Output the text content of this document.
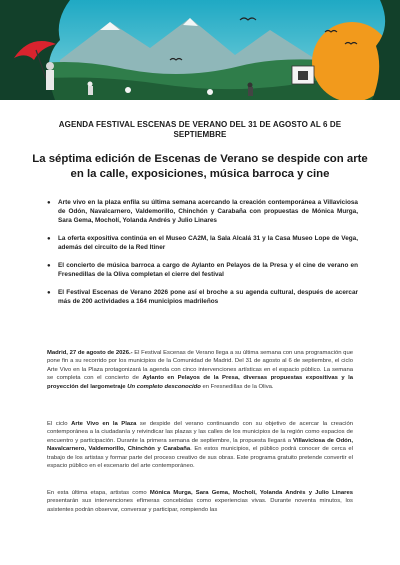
AGENDA FESTIVAL ESCENAS DE VERANO DEL 31 DE AGOSTO AL 6 DE SEPTIEMBRE
La séptima edición de Escenas de Verano se despide con arte en la calle, exposiciones, música barroca y cine
● Arte vivo en la plaza enfila su última semana acercando la creación contemporánea a Villaviciosa de Odón, Navalcarnero, Valdemorillo, Chinchón y Carabaña con propuestas de Mónica Murga, Sara Gema, Mocholí, Yolanda Andrés y Julio Linares
● La oferta expositiva continúa en el Museo CA2M, la Sala Alcalá 31 y la Casa Museo Lope de Vega, además del circuito de la Red Itiner
● El concierto de música barroca a cargo de Aylanto en Pelayos de la Presa y el cine de verano en Fresnedillas de la Oliva completan el cierre del festival
● El Festival Escenas de Verano 2026 pone así el broche a su agenda cultural, después de acercar más de 200 actividades a 164 municipios madrileños
Madrid, 27 de agosto de 2026.- El Festival Escenas de Verano llega a su última semana con una programación que pone fin a su recorrido por los municipios de la Comunidad de Madrid. Del 31 de agosto al 6 de septiembre, el ciclo Arte Vivo en la Plaza protagonizará la agenda con cinco intervenciones artísticas en el espacio público. La semana se completa con el concierto de Aylanto en Pelayos de la Presa, diversas propuestas expositivas y la proyección del largometraje Un completo desconocido en Fresnedillas de la Oliva.
El ciclo Arte Vivo en la Plaza se despide del verano continuando con su objetivo de acercar la creación contemporánea a la ciudadanía y reivindicar las plazas y las calles de los municipios de la región como espacios de encuentro y participación. Durante la primera semana de septiembre, la propuesta llegará a Villaviciosa de Odón, Navalcarnero, Valdemorillo, Chinchón y Carabaña. En estos municipios, el público podrá conocer de cerca el trabajo de los artistas y formar parte del proceso creativo de sus obras. Este programa gratuito pretende convertir el espacio público en el escenario del arte contemporáneo.
En esta última etapa, artistas como Mónica Murga, Sara Gema, Mocholí, Yolanda Andrés y Julio Linares presentarán sus intervenciones efímeras concebidas como experiencias vivas. Durante noventa minutos, los asistentes podrán observar, conversar y participar, rompiendo las
